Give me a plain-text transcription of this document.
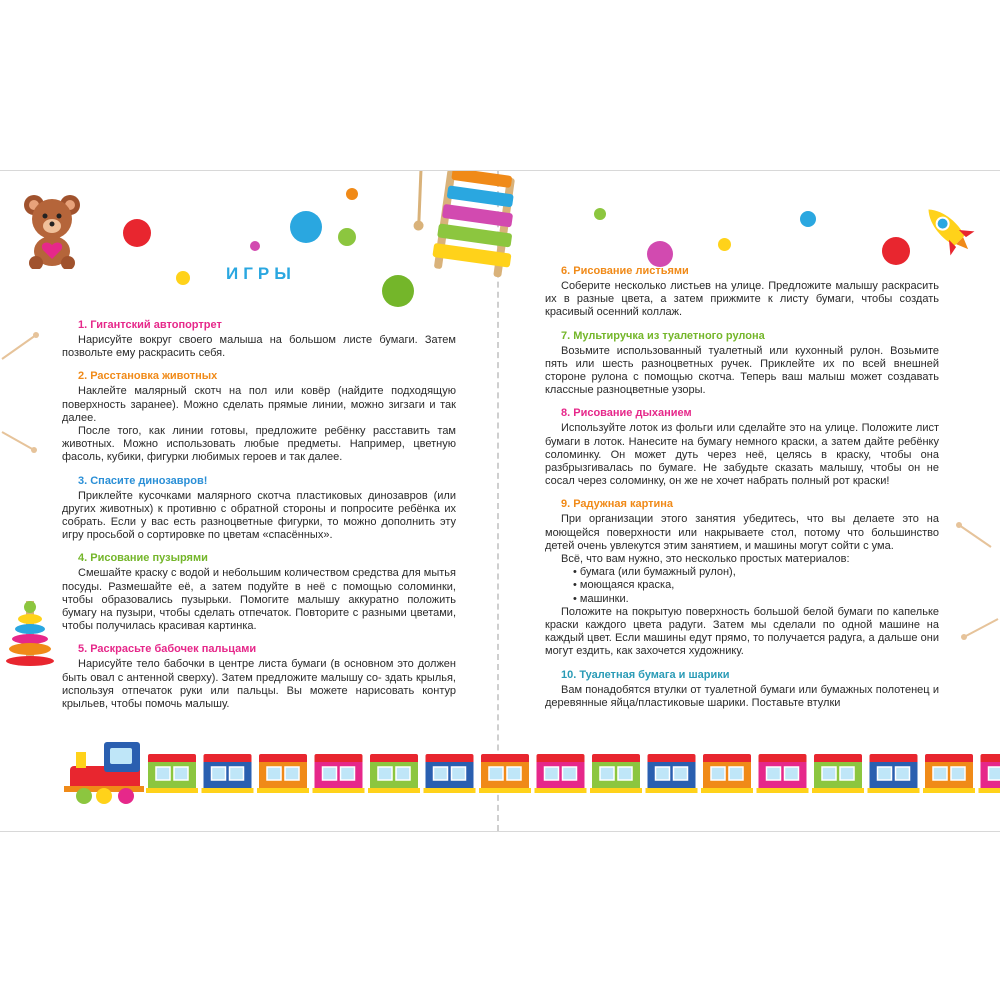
ИГРЫ
1. Гигантский автопортрет

Нарисуйте вокруг своего малыша на большом листе бумаги. Затем позвольте ему раскрасить себя.

2. Расстановка животных

Наклейте малярный скотч на пол или ковёр (найдите подходящую поверхность заранее). Можно сделать прямые линии, можно зигзаги и так далее.

После того, как линии готовы, предложите ребёнку расставить там животных. Можно использовать любые предметы. Например, цветную фасоль, кубики, фигурки любимых героев и так далее.

3. Спасите динозавров!

Приклейте кусочками малярного скотча пластиковых динозавров (или других животных) к противню с обратной стороны и попросите ребёнка их собрать. Если у вас есть разноцветные фигурки, то можно дополнить эту игру просьбой о сортировке по цветам «спасённых».

4. Рисование пузырями

Смешайте краску с водой и небольшим количеством средства для мытья посуды. Размешайте её, а затем подуйте в неё с помощью соломинки, чтобы образовались пузырьки. Помогите малышу аккуратно положить бумагу на пузыри, чтобы сделать отпечаток. Повторите с разными цветами, чтобы получилась красивая картинка.

5. Раскрасьте бабочек пальцами

Нарисуйте тело бабочки в центре листа бумаги (в основном это должен быть овал с антенной сверху). Затем предложите малышу со- здать крылья, используя отпечаток руки или пальцы. Вы можете нарисовать контур крыльев, чтобы помочь малышу.

6. Рисование листьями

Соберите несколько листьев на улице. Предложите малышу раскрасить их в разные цвета, а затем прижмите к листу бумаги, чтобы создать красивый осенний коллаж.

7. Мультиручка из туалетного рулона

Возьмите использованный туалетный или кухонный рулон. Возьмите пять или шесть разноцветных ручек. Приклейте их по всей внешней стороне рулона с помощью скотча. Теперь ваш малыш может создавать классные разноцветные узоры.

8. Рисование дыханием

Используйте лоток из фольги или сделайте это на улице. Положите лист бумаги в лоток. Нанесите на бумагу немного краски, а затем дайте ребёнку соломинку. Он может дуть через неё, целясь в краску, чтобы она разбрызгивалась по бумаге. Не забудьте сказать малышу, чтобы он не сосал через соломинку, он же не хочет набрать полный рот краски!

9. Радужная картина

При организации этого занятия убедитесь, что вы делаете это на моющейся поверхности или накрываете стол, потому что большинство детей очень увлекутся этим занятием, и машины могут сойти с ума.

Всё, что вам нужно, это несколько простых материалов:

• бумага (или бумажный рулон),
• моющаяся краска,
• машинки.

Положите на покрытую поверхность большой белой бумаги по капельке краски каждого цвета радуги. Затем мы сделали по одной машине на каждый цвет. Если машины едут прямо, то получается радуга, а дальше они могут ездить, как захочется художнику.

10. Туалетная бумага и шарики

Вам понадобятся втулки от туалетной бумаги или бумажных полотенец и деревянные яйца/пластиковые шарики. Поставьте втулки
